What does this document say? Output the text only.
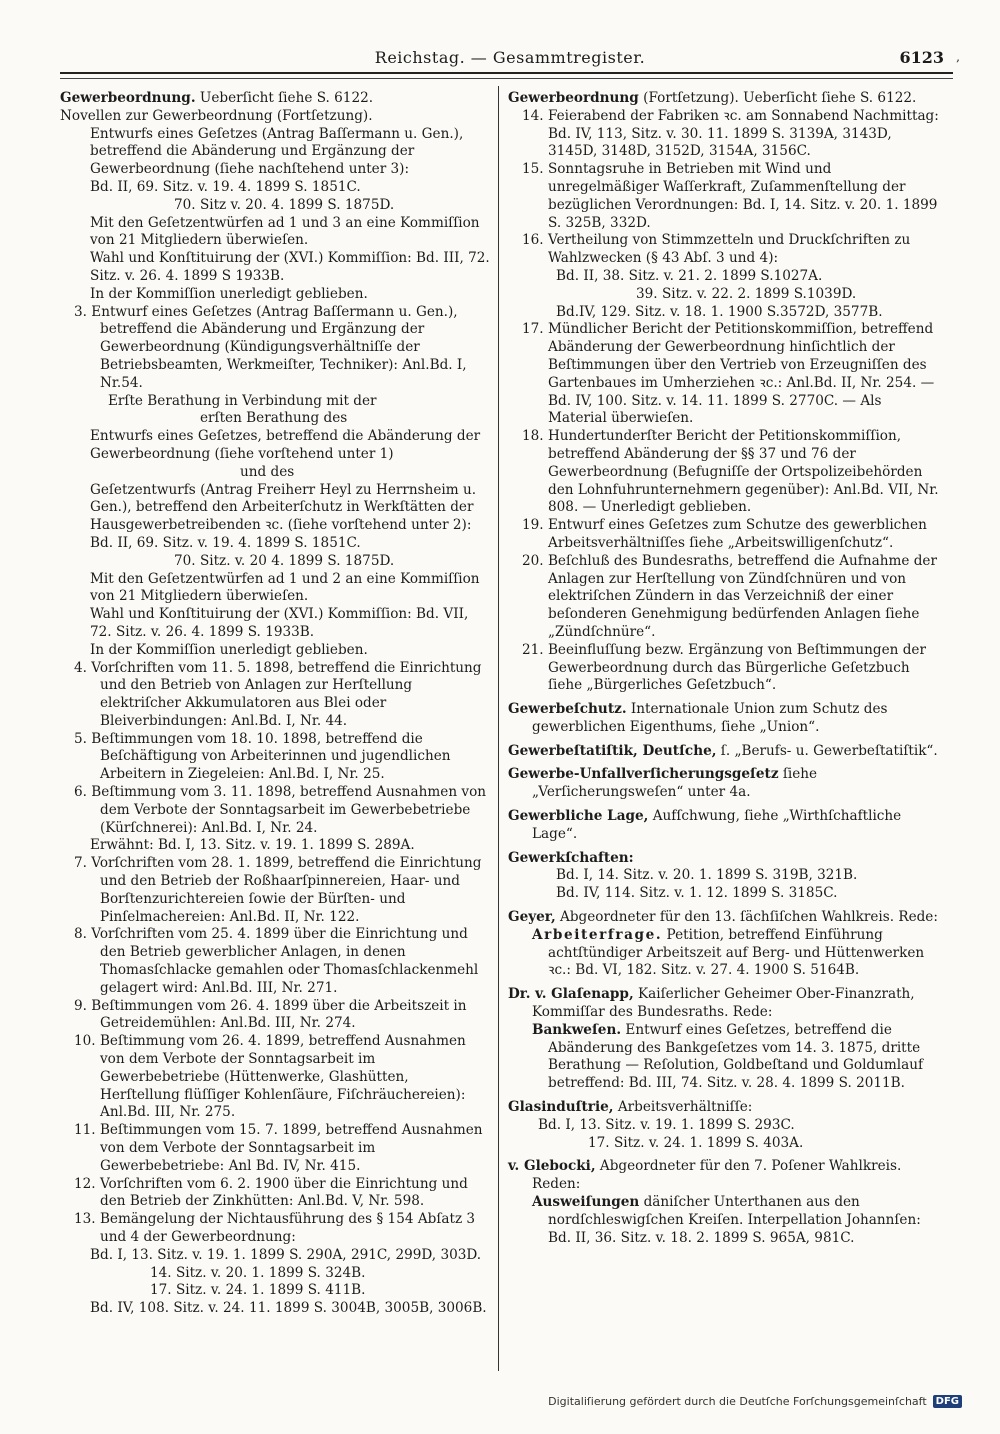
Reichstag. — Gesammtregister.	6123 ,
Gewerbeordnung. Ueberſicht ſiehe S. 6122.
Novellen zur Gewerbeordnung (Fortſetzung).
Entwurfs eines Geſetzes (Antrag Baſſermann u. Gen.), betreffend die Abänderung und Ergänzung der Gewerbeordnung (ſiehe nachſtehend unter 3):
Bd. II, 69. Sitz. v. 19. 4. 1899 S. 1851C.
70. Sitz v. 20. 4. 1899 S. 1875D.
Mit den Geſetzentwürfen ad 1 und 3 an eine Kommiſſion von 21 Mitgliedern überwieſen.
Wahl und Konſtituirung der (XVI.) Kommiſſion: Bd. III, 72. Sitz. v. 26. 4. 1899 S 1933B.
In der Kommiſſion unerledigt geblieben.
3. Entwurf eines Geſetzes (Antrag Baſſermann u. Gen.), betreffend die Abänderung und Ergänzung der Gewerbeordnung (Kündigungsverhältniſſe der Betriebsbeamten, Werkmeiſter, Techniker): Anl.Bd. I, Nr.54.
Erſte Berathung in Verbindung mit der
erſten Berathung des
Entwurfs eines Geſetzes, betreffend die Abänderung der Gewerbeordnung (ſiehe vorſtehend unter 1)
und des
Geſetzentwurfs (Antrag Freiherr Heyl zu Herrnsheim u. Gen.), betreffend den Arbeiterſchutz in Werkſtätten der Hausgewerbetreibenden ꝛc. (ſiehe vorſtehend unter 2):
Bd. II, 69. Sitz. v. 19. 4. 1899 S. 1851C.
70. Sitz. v. 20 4. 1899 S. 1875D.
Mit den Geſetzentwürfen ad 1 und 2 an eine Kommiſſion von 21 Mitgliedern überwieſen.
Wahl und Konſtituirung der (XVI.) Kommiſſion: Bd. VII, 72. Sitz. v. 26. 4. 1899 S. 1933B.
In der Kommiſſion unerledigt geblieben.
4. Vorſchriften vom 11. 5. 1898, betreffend die Einrichtung und den Betrieb von Anlagen zur Herſtellung elektriſcher Akkumulatoren aus Blei oder Bleiverbindungen: Anl.Bd. I, Nr. 44.
5. Beſtimmungen vom 18. 10. 1898, betreffend die Beſchäftigung von Arbeiterinnen und jugendlichen Arbeitern in Ziegeleien: Anl.Bd. I, Nr. 25.
6. Beſtimmung vom 3. 11. 1898, betreffend Ausnahmen von dem Verbote der Sonntagsarbeit im Gewerbebetriebe (Kürſchnerei): Anl.Bd. I, Nr. 24.
Erwähnt: Bd. I, 13. Sitz. v. 19. 1. 1899 S. 289A.
7. Vorſchriften vom 28. 1. 1899, betreffend die Einrichtung und den Betrieb der Roßhaarſpinnereien, Haar- und Borſtenzurichtereien ſowie der Bürſten- und Pinſelmachereien: Anl.Bd. II, Nr. 122.
8. Vorſchriften vom 25. 4. 1899 über die Einrichtung und den Betrieb gewerblicher Anlagen, in denen Thomasſchlacke gemahlen oder Thomasſchlackenmehl gelagert wird: Anl.Bd. III, Nr. 271.
9. Beſtimmungen vom 26. 4. 1899 über die Arbeitszeit in Getreidemühlen: Anl.Bd. III, Nr. 274.
10. Beſtimmung vom 26. 4. 1899, betreffend Ausnahmen von dem Verbote der Sonntagsarbeit im Gewerbebetriebe (Hüttenwerke, Glashütten, Herſtellung flüſſiger Kohlenſäure, Fiſchräuchereien): Anl.Bd. III, Nr. 275.
11. Beſtimmungen vom 15. 7. 1899, betreffend Ausnahmen von dem Verbote der Sonntagsarbeit im Gewerbebetriebe: Anl Bd. IV, Nr. 415.
12. Vorſchriften vom 6. 2. 1900 über die Einrichtung und den Betrieb der Zinkhütten: Anl.Bd. V, Nr. 598.
13. Bemängelung der Nichtausführung des § 154 Abſatz 3 und 4 der Gewerbeordnung:
Bd. I, 13. Sitz. v. 19. 1. 1899 S. 290A, 291C, 299D, 303D.
14. Sitz. v. 20. 1. 1899 S. 324B.
17. Sitz. v. 24. 1. 1899 S. 411B.
Bd. IV, 108. Sitz. v. 24. 11. 1899 S. 3004B, 3005B, 3006B.
Gewerbeordnung (Fortſetzung). Ueberſicht ſiehe S. 6122.
14. Feierabend der Fabriken ꝛc. am Sonnabend Nachmittag: Bd. IV, 113, Sitz. v. 30. 11. 1899 S. 3139A, 3143D, 3145D, 3148D, 3152D, 3154A, 3156C.
15. Sonntagsruhe in Betrieben mit Wind und unregelmäßiger Waſſerkraft, Zuſammenſtellung der bezüglichen Verordnungen: Bd. I, 14. Sitz. v. 20. 1. 1899 S. 325B, 332D.
16. Vertheilung von Stimmzetteln und Druckſchriften zu Wahlzwecken (§ 43 Abſ. 3 und 4):
Bd. II, 38. Sitz. v. 21. 2. 1899 S.1027A.
39. Sitz. v. 22. 2. 1899 S.1039D.
Bd.IV, 129. Sitz. v. 18. 1. 1900 S.3572D, 3577B.
17. Mündlicher Bericht der Petitionskommiſſion, betreffend Abänderung der Gewerbeordnung hinſichtlich der Beſtimmungen über den Vertrieb von Erzeugniſſen des Gartenbaues im Umherziehen ꝛc.: Anl.Bd. II, Nr. 254. — Bd. IV, 100. Sitz. v. 14. 11. 1899 S. 2770C. — Als Material überwieſen.
18. Hundertunderſter Bericht der Petitionskommiſſion, betreffend Abänderung der §§ 37 und 76 der Gewerbeordnung (Befugniſſe der Ortspolizeibehörden den Lohnfuhrunternehmern gegenüber): Anl.Bd. VII, Nr. 808. — Unerledigt geblieben.
19. Entwurf eines Geſetzes zum Schutze des gewerblichen Arbeitsverhältniſſes ſiehe „Arbeitswilligenſchutz“.
20. Beſchluß des Bundesraths, betreffend die Aufnahme der Anlagen zur Herſtellung von Zündſchnüren und von elektriſchen Zündern in das Verzeichniß der einer beſonderen Genehmigung bedürfenden Anlagen ſiehe „Zündſchnüre“.
21. Beeinfluſſung bezw. Ergänzung von Beſtimmungen der Gewerbeordnung durch das Bürgerliche Geſetzbuch ſiehe „Bürgerliches Geſetzbuch“.
Gewerbeſchutz. Internationale Union zum Schutz des gewerblichen Eigenthums, ſiehe „Union“.
Gewerbeſtatiſtik, Deutſche, ſ. „Berufs- u. Gewerbeſtatiſtik“.
Gewerbe-Unfallverſicherungsgeſetz ſiehe „Verſicherungsweſen“ unter 4a.
Gewerbliche Lage, Aufſchwung, ſiehe „Wirthſchaftliche Lage“.
Gewerkſchaften:
Bd. I, 14. Sitz. v. 20. 1. 1899 S. 319B, 321B.
Bd. IV, 114. Sitz. v. 1. 12. 1899 S. 3185C.
Geyer, Abgeordneter für den 13. ſächſiſchen Wahlkreis. Rede:
Arbeiterfrage. Petition, betreffend Einführung achtſtündiger Arbeitszeit auf Berg- und Hüttenwerken ꝛc.: Bd. VI, 182. Sitz. v. 27. 4. 1900 S. 5164B.
Dr. v. Glaſenapp, Kaiſerlicher Geheimer Ober-Finanzrath, Kommiſſar des Bundesraths. Rede:
Bankweſen. Entwurf eines Geſetzes, betreffend die Abänderung des Bankgeſetzes vom 14. 3. 1875, dritte Berathung — Reſolution, Goldbeſtand und Goldumlauf betreffend: Bd. III, 74. Sitz. v. 28. 4. 1899 S. 2011B.
Glasinduſtrie, Arbeitsverhältniſſe:
Bd. I, 13. Sitz. v. 19. 1. 1899 S. 293C.
17. Sitz. v. 24. 1. 1899 S. 403A.
v. Glebocki, Abgeordneter für den 7. Poſener Wahlkreis. Reden:
Ausweiſungen däniſcher Unterthanen aus den nordſchleswigſchen Kreiſen. Interpellation Johannſen: Bd. II, 36. Sitz. v. 18. 2. 1899 S. 965A, 981C.
Digitaliſierung gefördert durch die Deutſche Forſchungsgemeinſchaft DFG
